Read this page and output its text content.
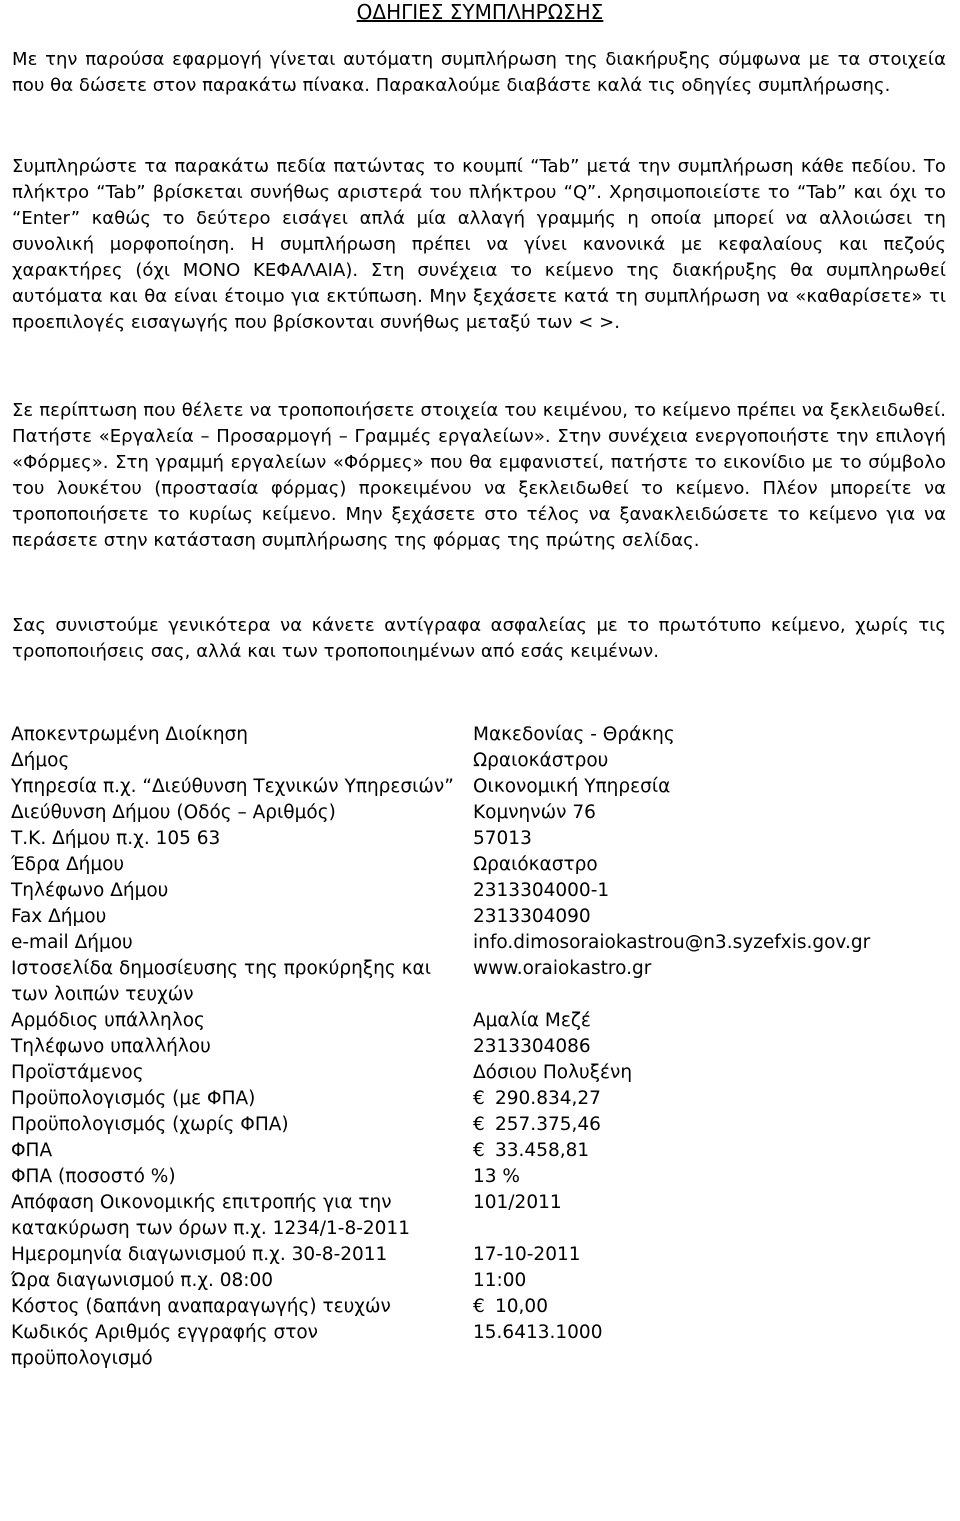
ΟΔΗΓΙΕΣ ΣΥΜΠΛΗΡΩΣΗΣ

Με την παρούσα εφαρμογή γίνεται αυτόματη συμπλήρωση της διακήρυξης σύμφωνα με τα στοιχεία που θα δώσετε στον παρακάτω πίνακα. Παρακαλούμε διαβάστε καλά τις οδηγίες συμπλήρωσης.

Συμπληρώστε τα παρακάτω πεδία πατώντας το κουμπί “Tab” μετά την συμπλήρωση κάθε πεδίου. Το πλήκτρο “Tab” βρίσκεται συνήθως αριστερά του πλήκτρου “Q”. Χρησιμοποιείστε το “Tab” και όχι το “Enter” καθώς το δεύτερο εισάγει απλά μία αλλαγή γραμμής η οποία μπορεί να αλλοιώσει τη συνολική μορφοποίηση. Η συμπλήρωση πρέπει να γίνει κανονικά με κεφαλαίους και πεζούς χαρακτήρες (όχι ΜΟΝΟ ΚΕΦΑΛΑΙΑ). Στη συνέχεια το κείμενο της διακήρυξης θα συμπληρωθεί αυτόματα και θα είναι έτοιμο για εκτύπωση. Μην ξεχάσετε κατά τη συμπλήρωση να «καθαρίσετε» τι προεπιλογές εισαγωγής που βρίσκονται συνήθως μεταξύ των < >.

Σε περίπτωση που θέλετε να τροποποιήσετε στοιχεία του κειμένου, το κείμενο πρέπει να ξεκλειδωθεί. Πατήστε «Εργαλεία – Προσαρμογή – Γραμμές εργαλείων». Στην συνέχεια ενεργοποιήστε την επιλογή «Φόρμες». Στη γραμμή εργαλείων «Φόρμες» που θα εμφανιστεί, πατήστε το εικονίδιο με το σύμβολο του λουκέτου (προστασία φόρμας) προκειμένου να ξεκλειδωθεί το κείμενο. Πλέον μπορείτε να τροποποιήσετε το κυρίως κείμενο. Μην ξεχάσετε στο τέλος να ξανακλειδώσετε το κείμενο για να περάσετε στην κατάσταση συμπλήρωσης της φόρμας της πρώτης σελίδας.

Σας συνιστούμε γενικότερα να κάνετε αντίγραφα ασφαλείας με το πρωτότυπο κείμενο, χωρίς τις τροποποιήσεις σας, αλλά και των τροποποιημένων από εσάς κειμένων.

Αποκεντρωμένη Διοίκηση	Μακεδονίας - Θράκης
Δήμος	Ωραιοκάστρου
Υπηρεσία π.χ. “Διεύθυνση Τεχνικών Υπηρεσιών”	Οικονομική Υπηρεσία
Διεύθυνση Δήμου (Οδός – Αριθμός)	Κομνηνών 76
Τ.Κ. Δήμου π.χ. 105 63	57013
Έδρα Δήμου	Ωραιόκαστρο
Τηλέφωνο Δήμου	2313304000-1
Fax Δήμου	2313304090
e-mail Δήμου	info.dimosoraiokastrou@n3.syzefxis.gov.gr
Ιστοσελίδα δημοσίευσης της προκύρηξης και των λοιπών τευχών	www.oraiokastro.gr
Αρμόδιος υπάλληλος	Αμαλία Μεζέ
Τηλέφωνο υπαλλήλου	2313304086
Προϊστάμενος	Δόσιου Πολυξένη
Προϋπολογισμός (με ΦΠΑ)	€ 290.834,27
Προϋπολογισμός (χωρίς ΦΠΑ)	€ 257.375,46
ΦΠΑ	€ 33.458,81
ΦΠΑ (ποσοστό %)	13 %
Απόφαση Οικονομικής επιτροπής για την κατακύρωση των όρων π.χ. 1234/1-8-2011	101/2011
Ημερομηνία διαγωνισμού π.χ. 30-8-2011	17-10-2011
Ώρα διαγωνισμού π.χ. 08:00	11:00
Κόστος (δαπάνη αναπαραγωγής) τευχών	€ 10,00
Κωδικός Αριθμός εγγραφής στον προϋπολογισμό	15.6413.1000
